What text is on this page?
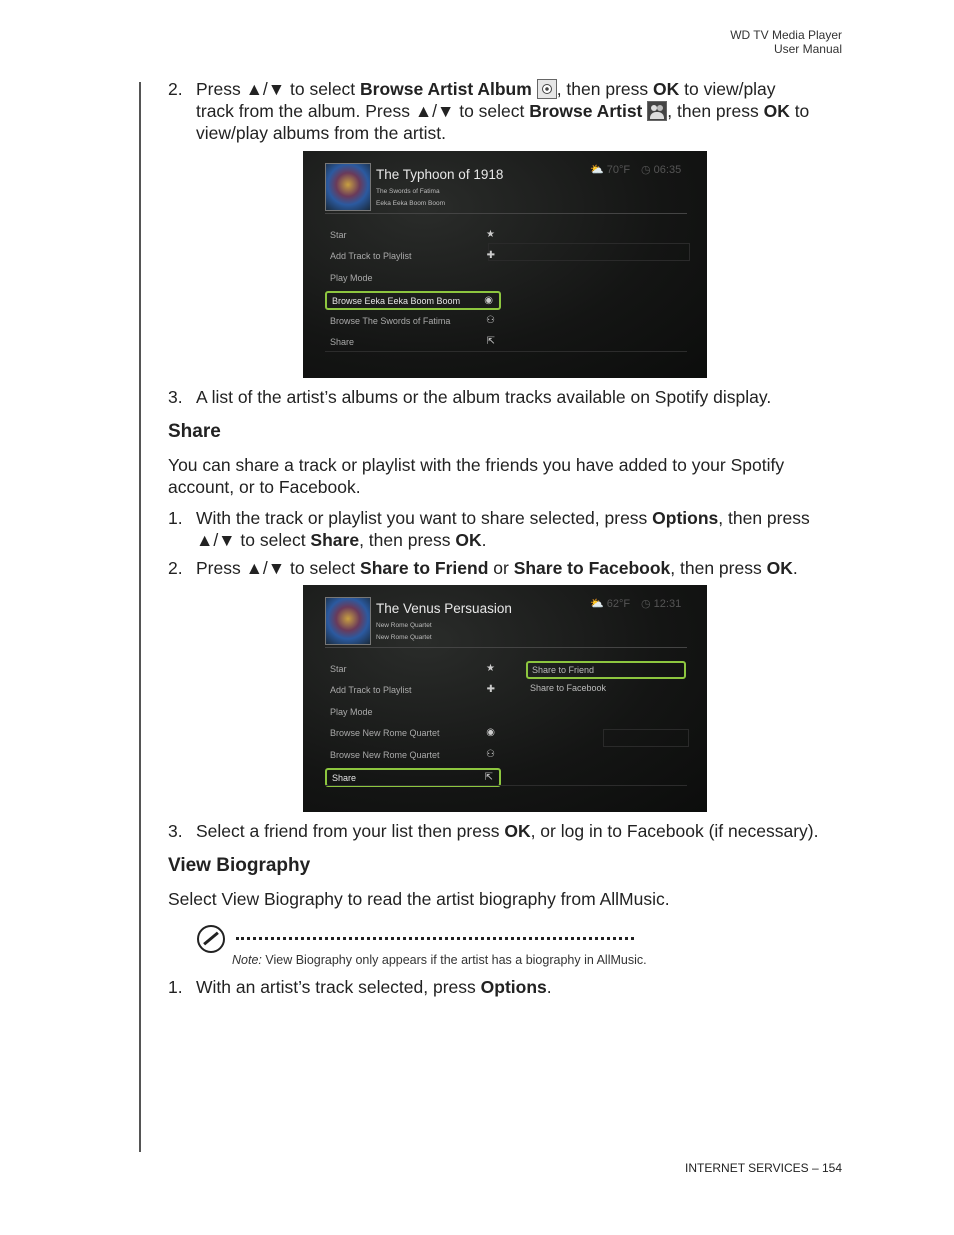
WD TV Media Player
User Manual
2. Press ▲/▼ to select Browse Artist Album , then press OK to view/play
track from the album. Press ▲/▼ to select Browse Artist , then press OK to
view/play albums from the artist.
The Typhoon of 1918
The Swords of Fatima
Eeka Eeka Boom Boom
⛅ 70°F ◷ 06:35
Star	★
Add Track to Playlist	✚
Play Mode
Browse Eeka Eeka Boom Boom ◉
Browse The Swords of Fatima	⚇
Share	⇱
3. A list of the artist’s albums or the album tracks available on Spotify display.
Share
You can share a track or playlist with the friends you have added to your Spotify
account, or to Facebook.
1. With the track or playlist you want to share selected, press Options, then press
▲/▼ to select Share, then press OK.
2. Press ▲/▼ to select Share to Friend or Share to Facebook, then press OK.
The Venus Persuasion
New Rome Quartet
New Rome Quartet
⛅ 62°F ◷ 12:31
Star	★
Add Track to Playlist	✚
Play Mode
Browse New Rome Quartet	◉
Browse New Rome Quartet	⚇
Share	⇱
Share to Friend
Share to Facebook
3. Select a friend from your list then press OK, or log in to Facebook (if necessary).
View Biography
Select View Biography to read the artist biography from AllMusic.
Note: View Biography only appears if the artist has a biography in AllMusic.
1. With an artist’s track selected, press Options.
INTERNET SERVICES – 154
